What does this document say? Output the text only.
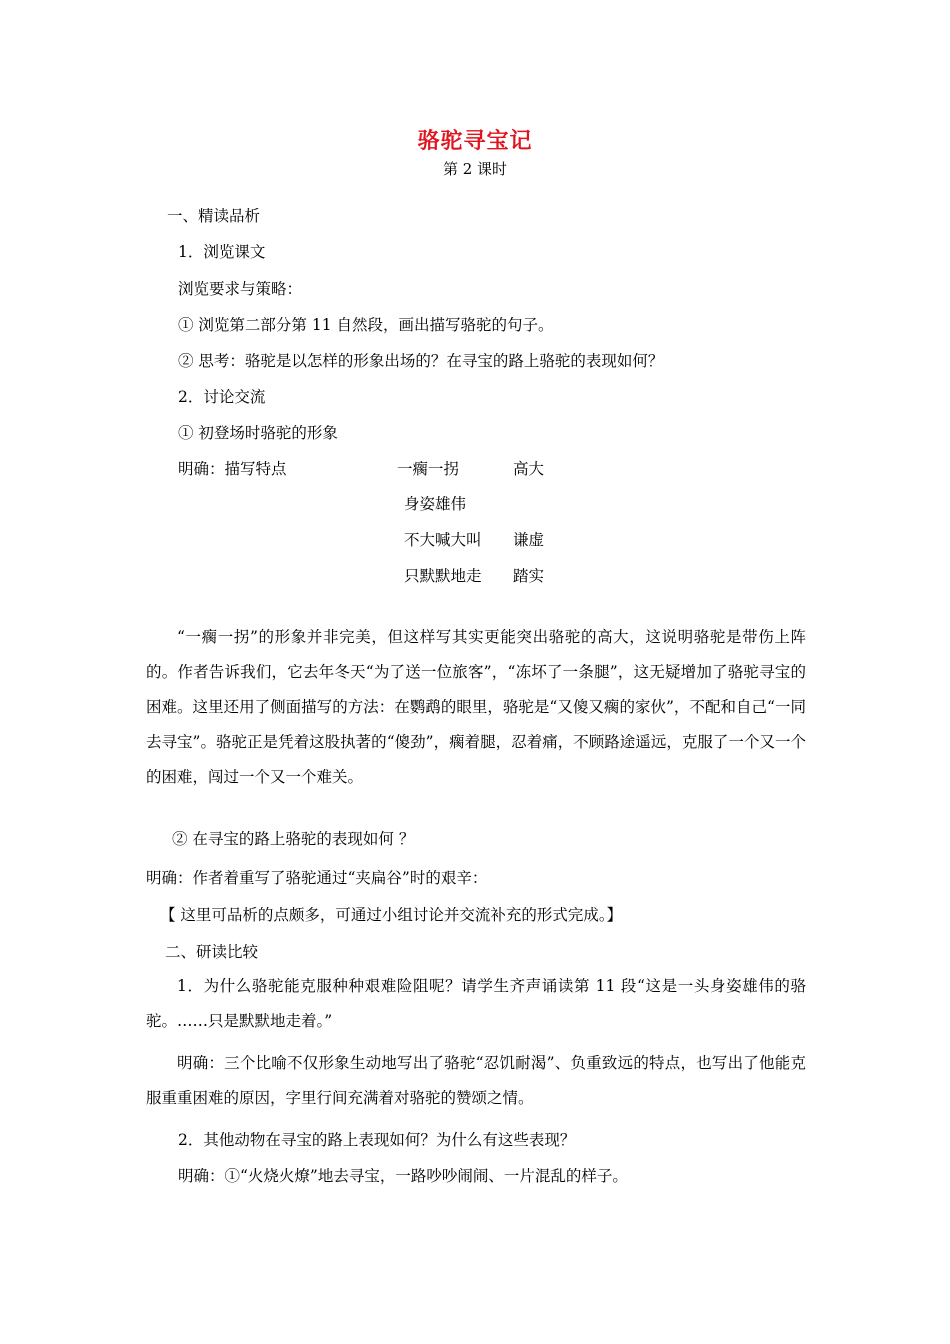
骆驼寻宝记
第 2 课时
一、精读品析
1．浏览课文
浏览要求与策略：
① 浏览第二部分第 11 自然段，画出描写骆驼的句子。
② 思考：骆驼是以怎样的形象出场的？在寻宝的路上骆驼的表现如何？
2．讨论交流
① 初登场时骆驼的形象
明确：描写特点	一瘸一拐	高大
身姿雄伟
不大喊大叫 谦虚
只默默地走 踏实
“一瘸一拐”的形象并非完美，但这样写其实更能突出骆驼的高大，这说明骆驼是带伤上阵的。作者告诉我们，它去年冬天“为了送一位旅客”，“冻坏了一条腿”，这无疑增加了骆驼寻宝的困难。这里还用了侧面描写的方法：在鹦鹉的眼里，骆驼是“又傻又瘸的家伙”，不配和自己“一同去寻宝”。骆驼正是凭着这股执著的“傻劲”，瘸着腿，忍着痛，不顾路途遥远，克服了一个又一个的困难，闯过一个又一个难关。
② 在寻宝的路上骆驼的表现如何 ？
明确：作者着重写了骆驼通过“夹扁谷”时的艰辛：
【 这里可品析的点颇多，可通过小组讨论并交流补充的形式完成。】
二、研读比较
1．为什么骆驼能克服种种艰难险阻呢？请学生齐声诵读第 11 段“这是一头身姿雄伟的骆驼。……只是默默地走着。”
明确：三个比喻不仅形象生动地写出了骆驼“忍饥耐渴”、负重致远的特点，也写出了他能克服重重困难的原因，字里行间充满着对骆驼的赞颂之情。
2．其他动物在寻宝的路上表现如何？为什么有这些表现？
明确：①“火烧火燎”地去寻宝，一路吵吵闹闹、一片混乱的样子。
